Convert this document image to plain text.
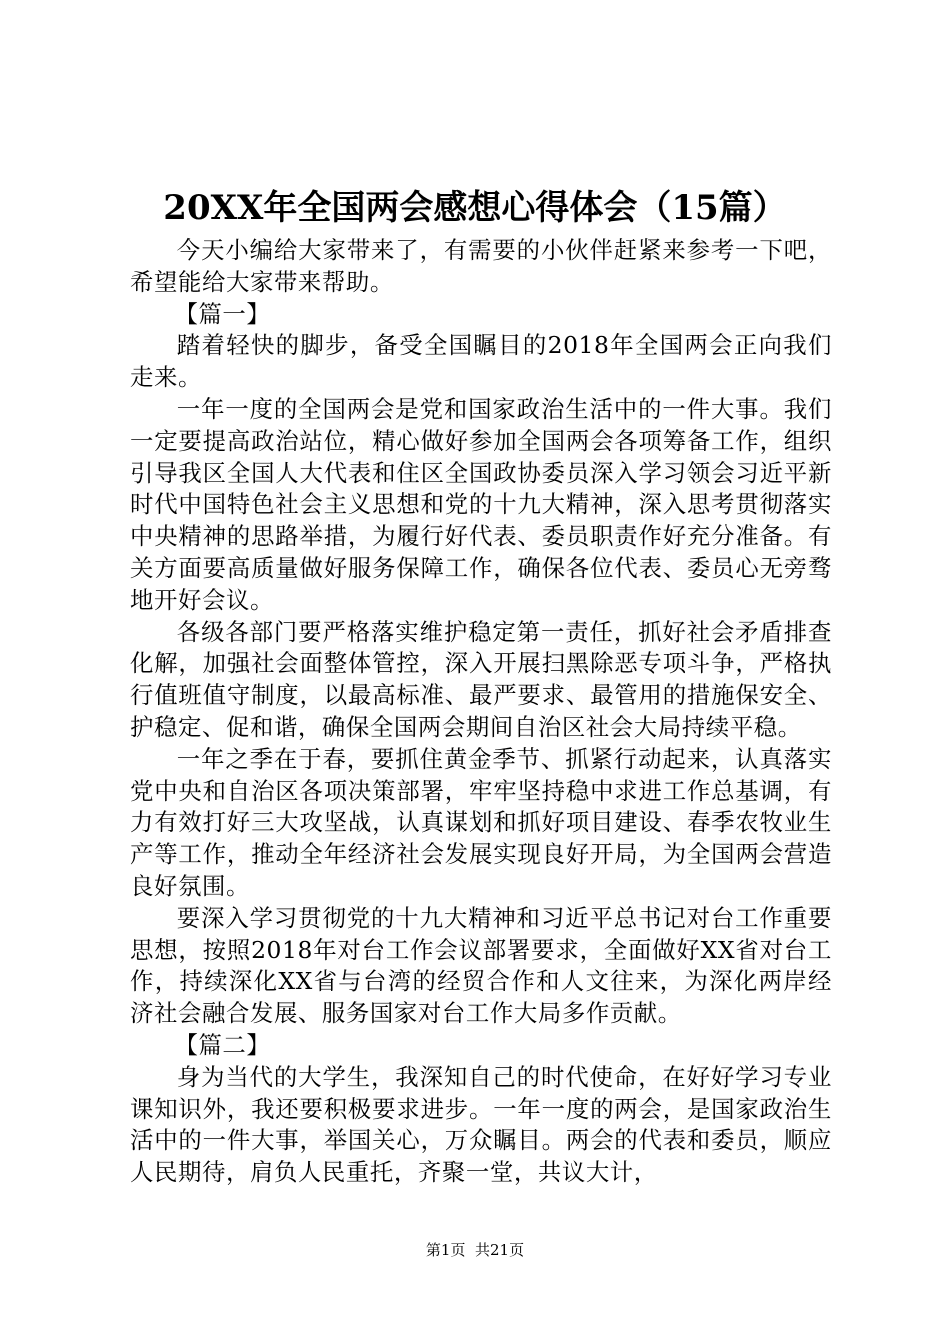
20XX年全国两会感想心得体会（15篇）

今天小编给大家带来了，有需要的小伙伴赶紧来参考一下吧，希望能给大家带来帮助。

【篇一】

踏着轻快的脚步，备受全国瞩目的2018年全国两会正向我们走来。

一年一度的全国两会是党和国家政治生活中的一件大事。我们一定要提高政治站位，精心做好参加全国两会各项筹备工作，组织引导我区全国人大代表和住区全国政协委员深入学习领会习近平新时代中国特色社会主义思想和党的十九大精神，深入思考贯彻落实中央精神的思路举措，为履行好代表、委员职责作好充分准备。有关方面要高质量做好服务保障工作，确保各位代表、委员心无旁骛地开好会议。

各级各部门要严格落实维护稳定第一责任，抓好社会矛盾排查化解，加强社会面整体管控，深入开展扫黑除恶专项斗争，严格执行值班值守制度，以最高标准、最严要求、最管用的措施保安全、护稳定、促和谐，确保全国两会期间自治区社会大局持续平稳。

一年之季在于春，要抓住黄金季节、抓紧行动起来，认真落实党中央和自治区各项决策部署，牢牢坚持稳中求进工作总基调，有力有效打好三大攻坚战，认真谋划和抓好项目建设、春季农牧业生产等工作，推动全年经济社会发展实现良好开局，为全国两会营造良好氛围。

要深入学习贯彻党的十九大精神和习近平总书记对台工作重要思想，按照2018年对台工作会议部署要求，全面做好XX省对台工作，持续深化XX省与台湾的经贸合作和人文往来，为深化两岸经济社会融合发展、服务国家对台工作大局多作贡献。

【篇二】

身为当代的大学生，我深知自己的时代使命，在好好学习专业课知识外，我还要积极要求进步。一年一度的两会，是国家政治生活中的一件大事，举国关心，万众瞩目。两会的代表和委员，顺应人民期待，肩负人民重托，齐聚一堂，共议大计，

第1页  共21页
